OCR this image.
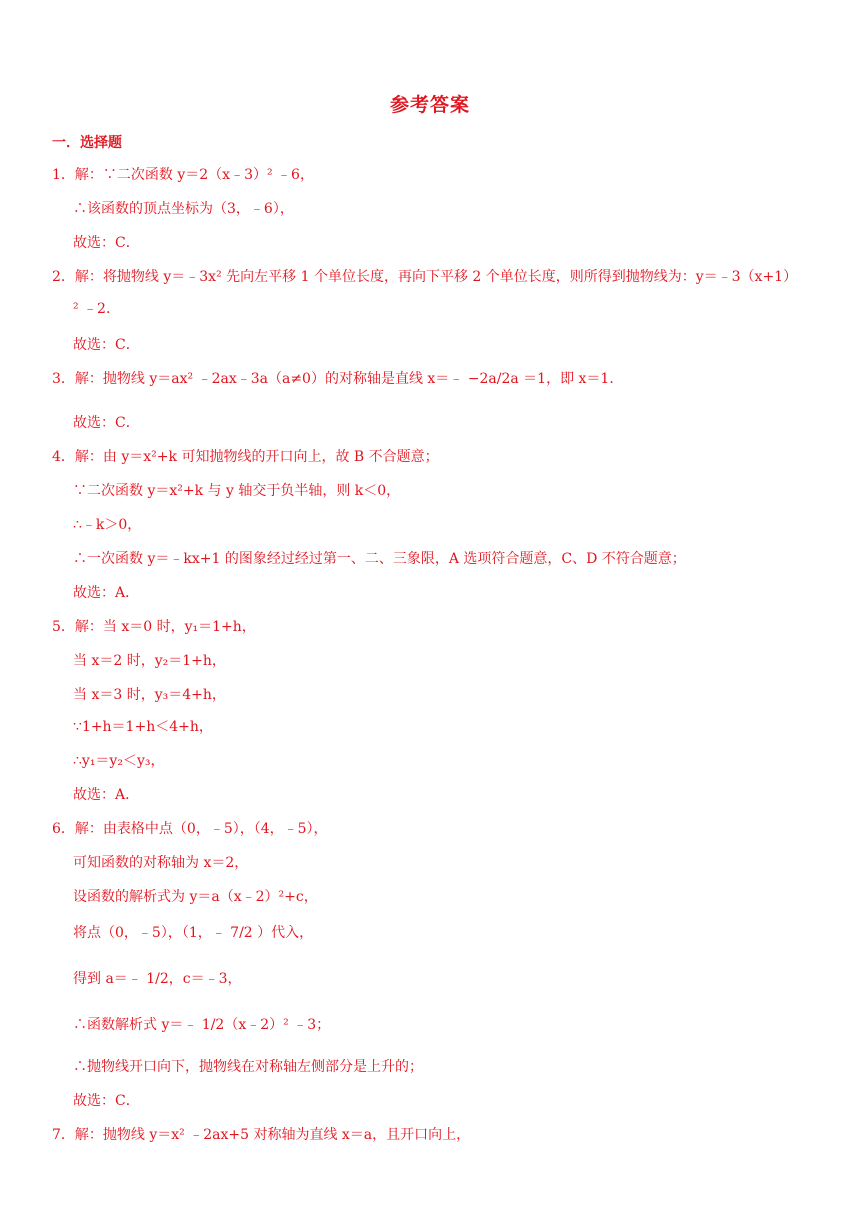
参考答案
一．选择题
1．解：∵二次函数 y＝2（x﹣3）² ﹣6，
∴该函数的顶点坐标为（3，﹣6），
故选：C．
2．解：将抛物线 y＝﹣3x² 先向左平移 1 个单位长度，再向下平移 2 个单位长度，则所得到抛物线为：y＝﹣3（x+1）
² ﹣2．
故选：C．
3．解：抛物线 y＝ax² ﹣2ax﹣3a（a≠0）的对称轴是直线 x＝﹣ −2a/2a ＝1，即 x＝1．
故选：C．
4．解：由 y＝x²+k 可知抛物线的开口向上，故 B 不合题意；
∵二次函数 y＝x²+k 与 y 轴交于负半轴，则 k＜0，
∴﹣k＞0，
∴一次函数 y＝﹣kx+1 的图象经过经过第一、二、三象限，A 选项符合题意，C、D 不符合题意；
故选：A．
5．解：当 x＝0 时，y₁＝1+h，
当 x＝2 时，y₂＝1+h，
当 x＝3 时，y₃＝4+h，
∵1+h＝1+h＜4+h，
∴y₁＝y₂＜y₃，
故选：A．
6．解：由表格中点（0，﹣5），（4，﹣5），
可知函数的对称轴为 x＝2，
设函数的解析式为 y＝a（x﹣2）²+c，
将点（0，﹣5），（1，﹣ 7/2 ）代入，
得到 a＝﹣ 1/2，c＝﹣3，
∴函数解析式 y＝﹣ 1/2（x﹣2）² ﹣3；
∴抛物线开口向下，抛物线在对称轴左侧部分是上升的；
故选：C．
7．解：抛物线 y＝x² ﹣2ax+5 对称轴为直线 x＝a，且开口向上，
